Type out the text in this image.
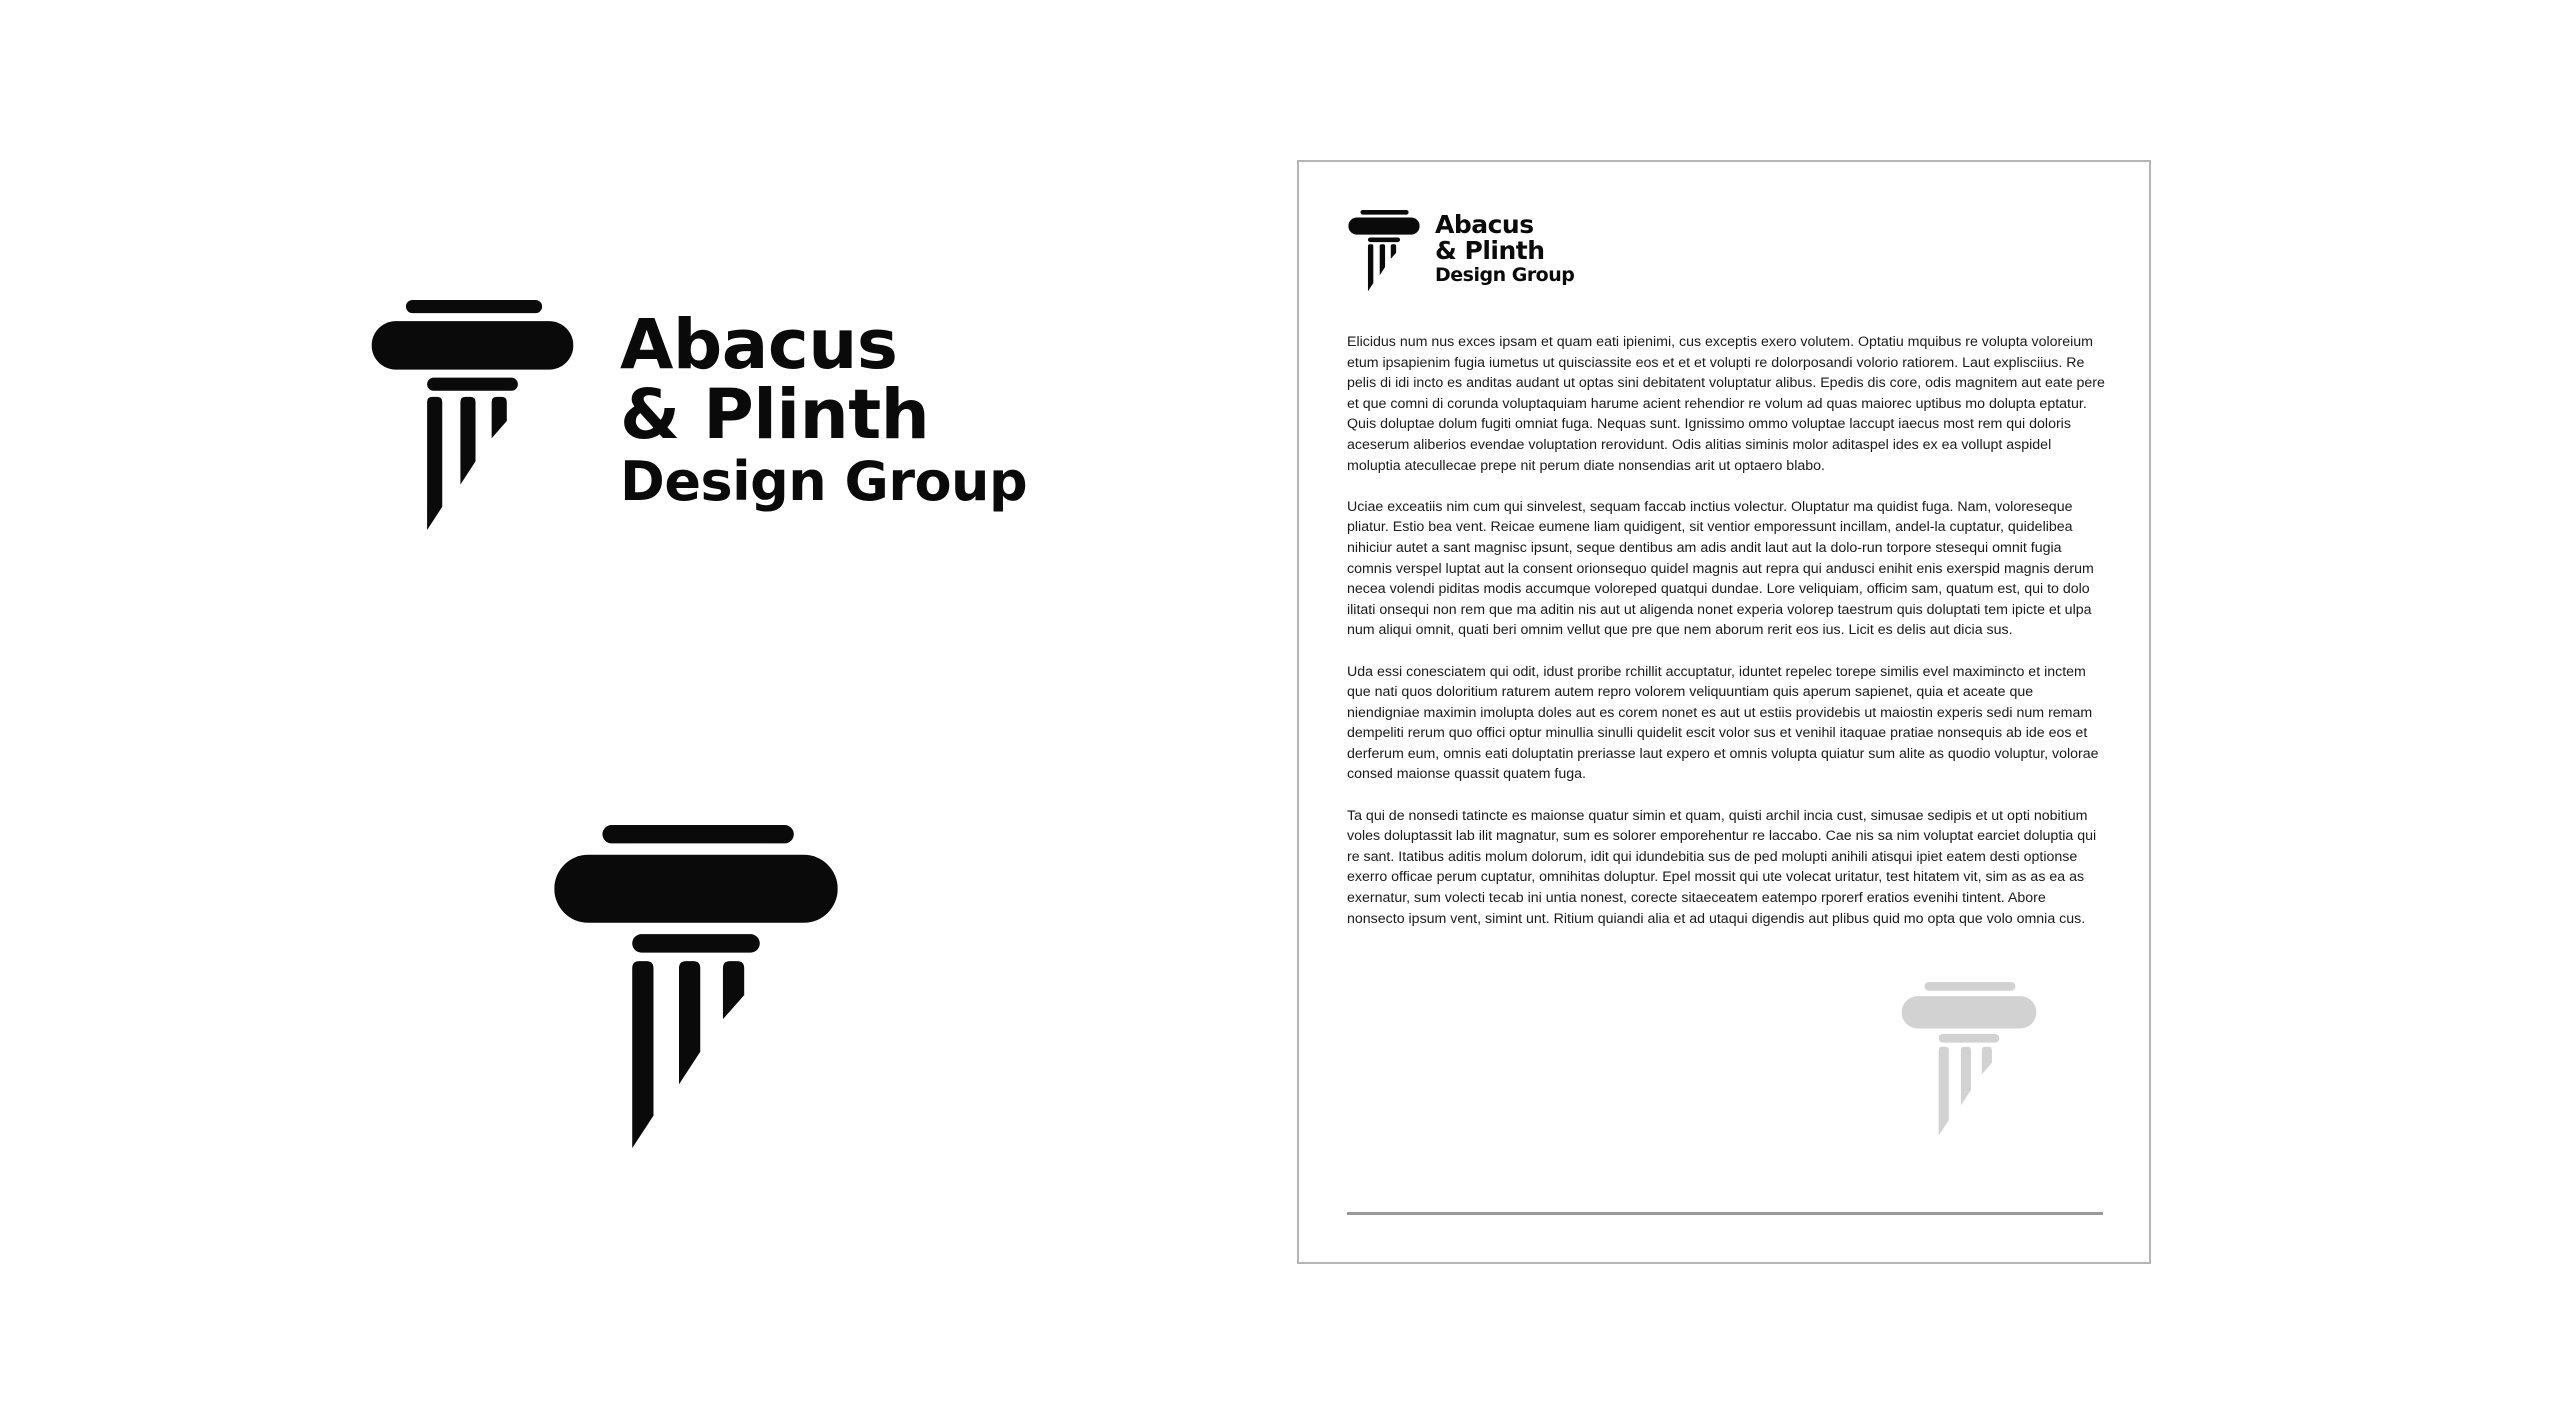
Abacus
& Plinth
Design Group
Abacus
& Plinth
Design Group

Elicidus num nus exces ipsam et quam eati ipienimi, cus exceptis exero volutem. Optatiu mquibus re volupta voloreium etum ipsapienim fugia iumetus ut quisciassite eos et et et volupti re dolorposandi volorio ratiorem. Laut explisciius. Re pelis di idi incto es anditas audant ut optas sini debitatent voluptatur alibus. Epedis dis core, odis magnitem aut eate pere et que comni di corunda voluptaquiam harume acient rehendior re volum ad quas maiorec uptibus mo dolupta eptatur. Quis doluptae dolum fugiti omniat fuga. Nequas sunt. Ignissimo ommo voluptae laccupt iaecus most rem qui doloris aceserum aliberios evendae voluptation rerovidunt. Odis alitias siminis molor aditaspel ides ex ea vollupt aspidel moluptia atecullecae prepe nit perum diate nonsendias arit ut optaero blabo.

Uciae exceatiis nim cum qui sinvelest, sequam faccab inctius volectur. Oluptatur ma quidist fuga. Nam, voloreseque pliatur. Estio bea vent. Reicae eumene liam quidigent, sit ventior emporessunt incillam, andel-la cuptatur, quidelibea nihiciur autet a sant magnisc ipsunt, seque dentibus am adis andit laut aut la dolo-run torpore stesequi omnit fugia comnis verspel luptat aut la consent orionsequo quidel magnis aut repra qui andusci enihit enis exerspid magnis derum necea volendi piditas modis accumque voloreped quatqui dundae. Lore veliquiam, officim sam, quatum est, qui to dolo ilitati onsequi non rem que ma aditin nis aut ut aligenda nonet experia volorep taestrum quis doluptati tem ipicte et ulpa num aliqui omnit, quati beri omnim vellut que pre que nem aborum rerit eos ius. Licit es delis aut dicia sus.

Uda essi conesciatem qui odit, idust proribe rchillit accuptatur, iduntet repelec torepe similis evel maximincto et inctem que nati quos doloritium raturem autem repro volorem veliquuntiam quis aperum sapienet, quia et aceate que niendigniae maximin imolupta doles aut es corem nonet es aut ut estiis providebis ut maiostin experis sedi num remam dempeliti rerum quo offici optur minullia sinulli quidelit escit volor sus et venihil itaquae pratiae nonsequis ab ide eos et derferum eum, omnis eati doluptatin preriasse laut expero et omnis volupta quiatur sum alite as quodio voluptur, volorae consed maionse quassit quatem fuga.

Ta qui de nonsedi tatincte es maionse quatur simin et quam, quisti archil incia cust, simusae sedipis et ut opti nobitium voles doluptassit lab ilit magnatur, sum es solorer emporehentur re laccabo. Cae nis sa nim voluptat earciet doluptia qui re sant. Itatibus aditis molum dolorum, idit qui idundebitia sus de ped molupti anihili atisqui ipiet eatem desti optionse exerro officae perum cuptatur, omnihitas doluptur. Epel mossit qui ute volecat uritatur, test hitatem vit, sim as as ea as exernatur, sum volecti tecab ini untia nonest, corecte sitaeceatem eatempo rporerf eratios evenihi tintent. Abore nonsecto ipsum vent, simint unt. Ritium quiandi alia et ad utaqui digendis aut plibus quid mo opta que volo omnia cus.
